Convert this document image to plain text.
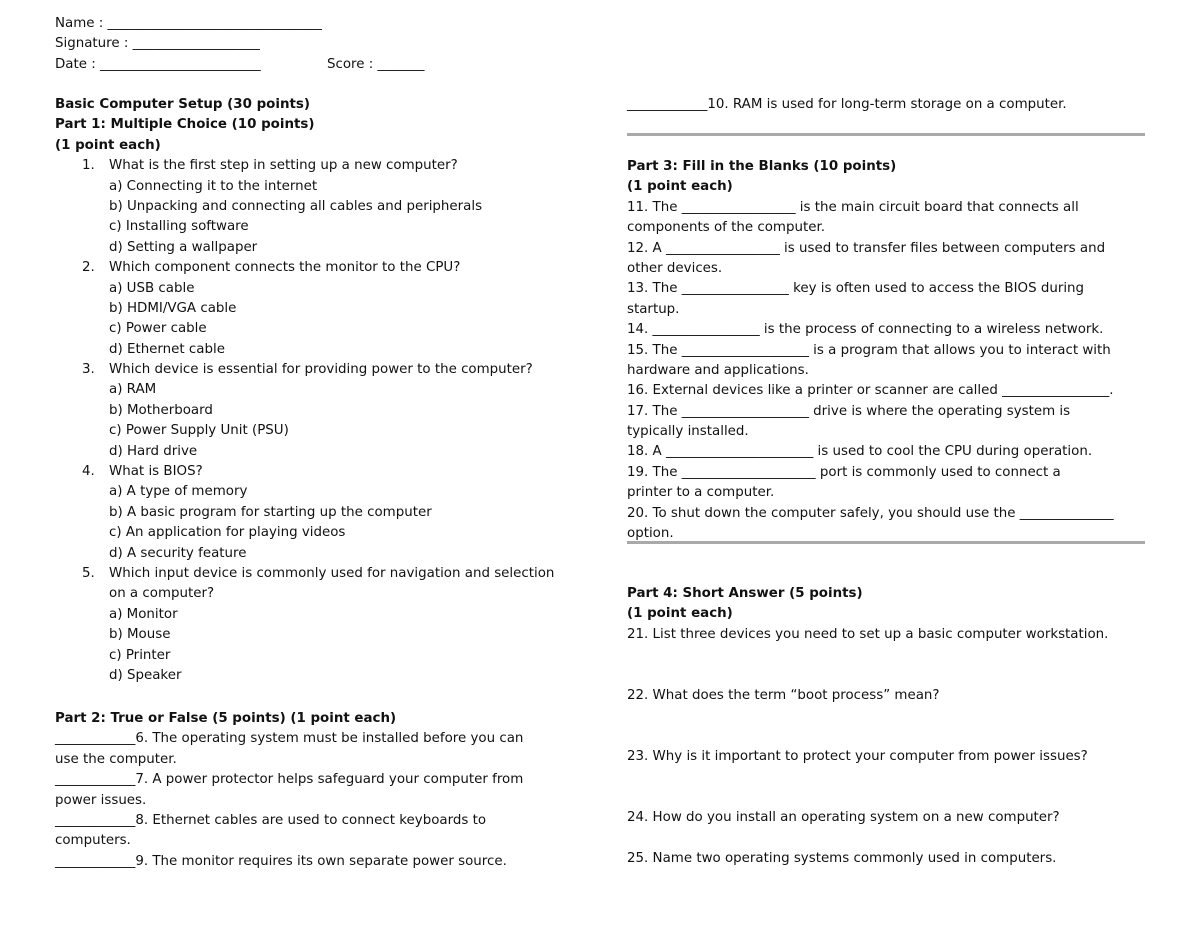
Name : ________________________________
Signature : ___________________
Date : ________________________	Score : _______
Basic Computer Setup (30 points)
Part 1: Multiple Choice (10 points)
(1 point each)
1. What is the first step in setting up a new computer?
a) Connecting it to the internet
b) Unpacking and connecting all cables and peripherals
c) Installing software
d) Setting a wallpaper
2. Which component connects the monitor to the CPU?
a) USB cable
b) HDMI/VGA cable
c) Power cable
d) Ethernet cable
3. Which device is essential for providing power to the computer?
a) RAM
b) Motherboard
c) Power Supply Unit (PSU)
d) Hard drive
4. What is BIOS?
a) A type of memory
b) A basic program for starting up the computer
c) An application for playing videos
d) A security feature
5. Which input device is commonly used for navigation and selection
on a computer?
a) Monitor
b) Mouse
c) Printer
d) Speaker
Part 2: True or False (5 points) (1 point each)
____________6. The operating system must be installed before you can
use the computer.
____________7. A power protector helps safeguard your computer from
power issues.
____________8. Ethernet cables are used to connect keyboards to
computers.
____________9. The monitor requires its own separate power source.
____________10. RAM is used for long-term storage on a computer.
Part 3: Fill in the Blanks (10 points)
(1 point each)
11. The _________________ is the main circuit board that connects all
components of the computer.
12. A _________________ is used to transfer files between computers and
other devices.
13. The ________________ key is often used to access the BIOS during
startup.
14. ________________ is the process of connecting to a wireless network.
15. The ___________________ is a program that allows you to interact with
hardware and applications.
16. External devices like a printer or scanner are called ________________.
17. The ___________________ drive is where the operating system is
typically installed.
18. A ______________________ is used to cool the CPU during operation.
19. The ____________________ port is commonly used to connect a
printer to a computer.
20. To shut down the computer safely, you should use the ______________
option.
Part 4: Short Answer (5 points)
(1 point each)
21. List three devices you need to set up a basic computer workstation.
22. What does the term “boot process” mean?
23. Why is it important to protect your computer from power issues?
24. How do you install an operating system on a new computer?
25. Name two operating systems commonly used in computers.
